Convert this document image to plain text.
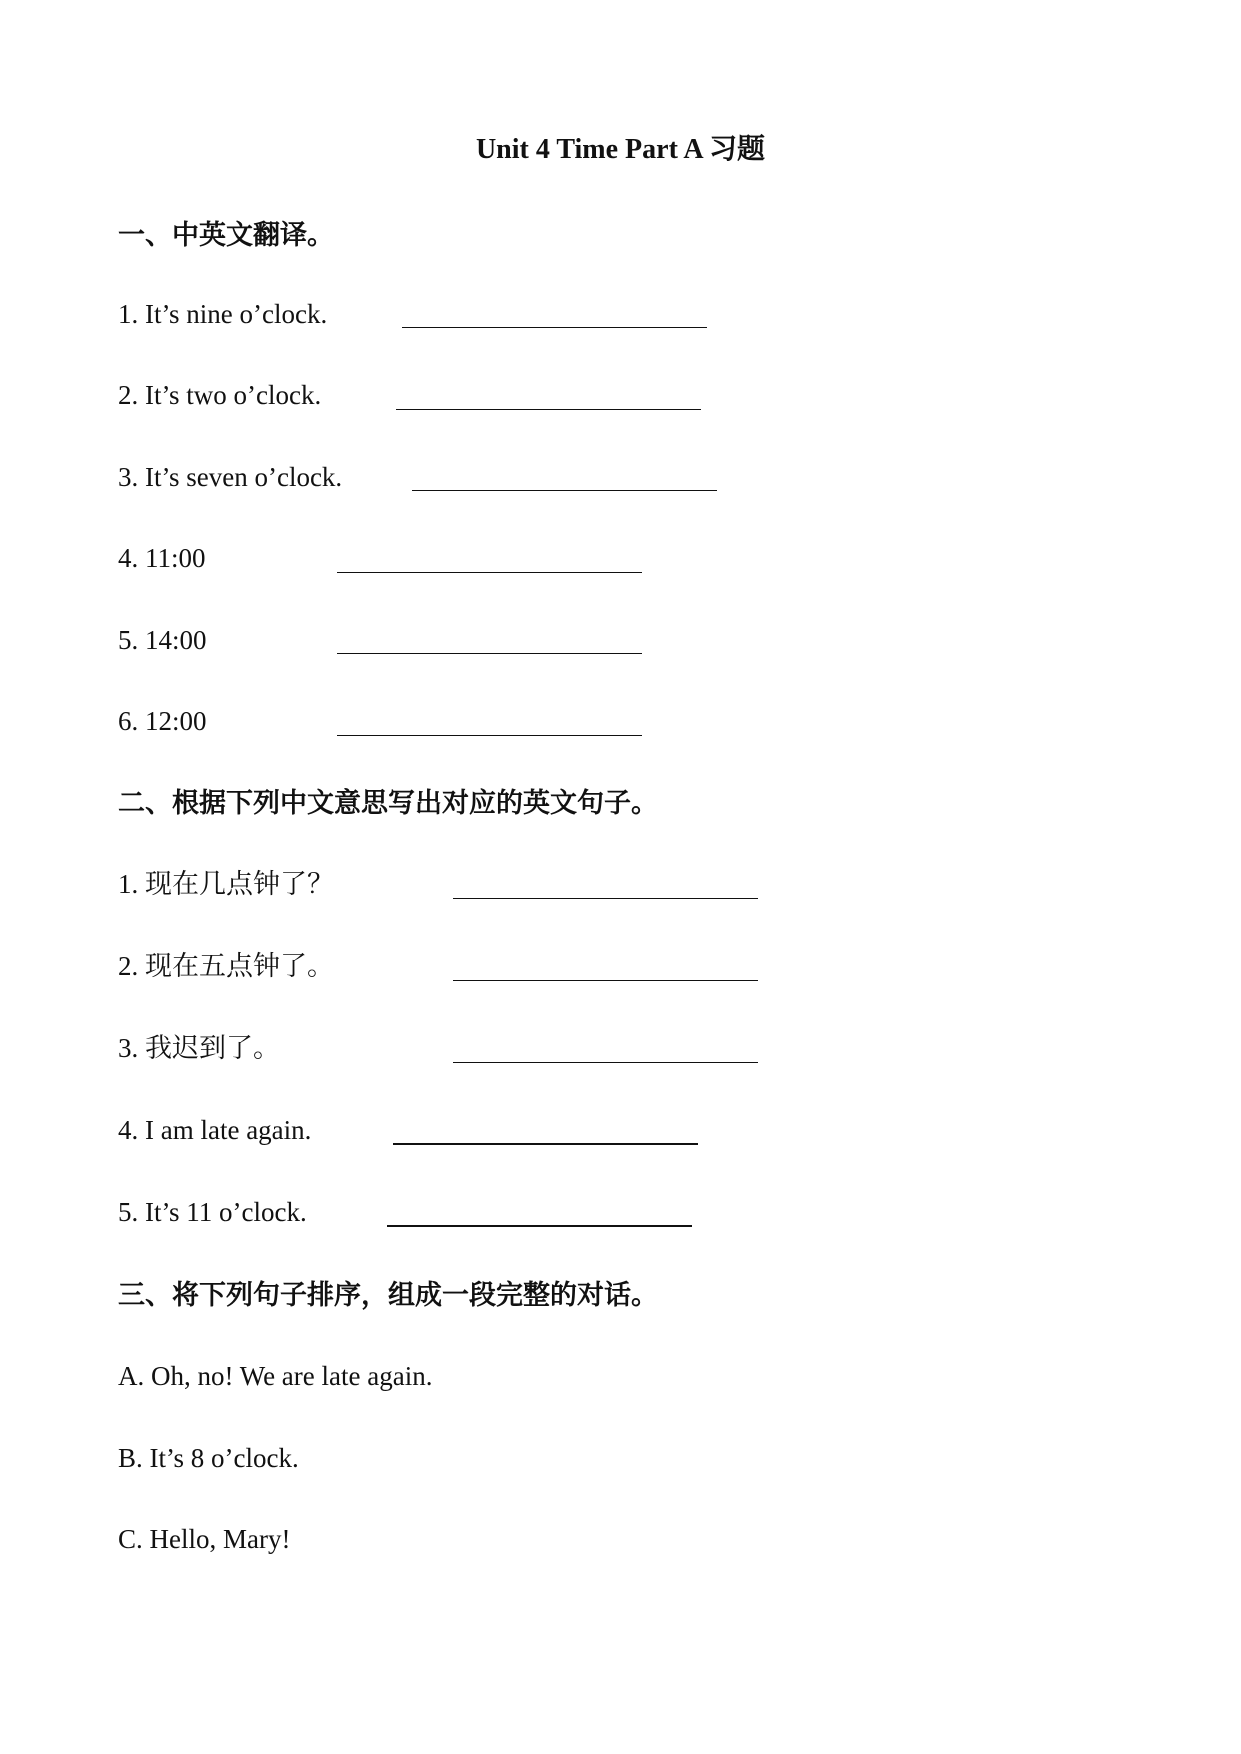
Unit 4 Time Part A 习题
一、中英文翻译。
1. It’s nine o’clock.
2. It’s two o’clock.
3. It’s seven o’clock.
4. 11:00
5. 14:00
6. 12:00
二、根据下列中文意思写出对应的英文句子。
1. 现在几点钟了？
2. 现在五点钟了。
3. 我迟到了。
4. I am late again.
5. It’s 11 o’clock.
三、将下列句子排序，组成一段完整的对话。
A. Oh, no! We are late again.
B. It’s 8 o’clock.
C. Hello, Mary!
